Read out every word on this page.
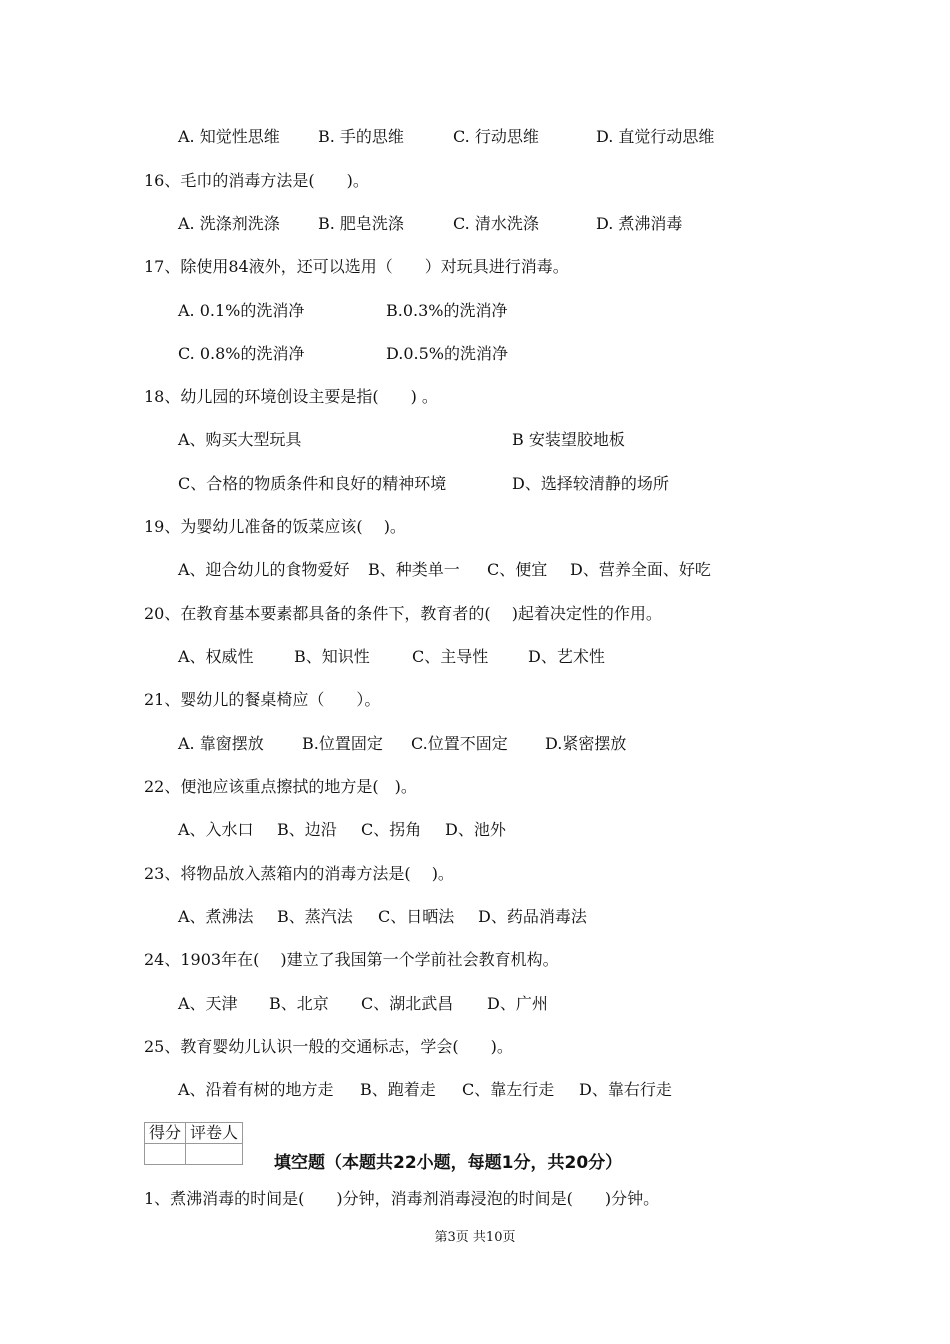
A. 知觉性思维 B. 手的思维	C. 行动思维	D. 直觉行动思维
16、毛巾的消毒方法是(　　)。
A. 洗涤剂洗涤 B. 肥皂洗涤	C. 清水洗涤	D. 煮沸消毒
17、除使用84液外，还可以选用（　　）对玩具进行消毒。
A. 0.1%的洗消净	B.0.3%的洗消净
C. 0.8%的洗消净	D.0.5%的洗消净
18、幼儿园的环境创设主要是指(　　) 。
A、购买大型玩具	B 安装望胶地板
C、合格的物质条件和良好的精神环境	D、选择较清静的场所
19、为婴幼儿准备的饭菜应该(　 )。
A、迎合幼儿的食物爱好 B、种类单一 C、便宜 D、营养全面、好吃
20、在教育基本要素都具备的条件下，教育者的(　 )起着决定性的作用。
A、权威性	B、知识性	C、主导性 D、艺术性
21、婴幼儿的餐桌椅应（　　）。
A. 靠窗摆放 B.位置固定 C.位置不固定 D.紧密摆放
22、便池应该重点擦拭的地方是(　)。
A、入水口 B、边沿 C、拐角 D、池外
23、将物品放入蒸箱内的消毒方法是(　 )。
A、煮沸法 B、蒸汽法 C、日晒法 D、药品消毒法
24、1903年在(　 )建立了我国第一个学前社会教育机构。
A、天津 B、北京 C、湖北武昌 D、广州
25、教育婴幼儿认识一般的交通标志，学会(　　)。
A、沿着有树的地方走 B、跑着走 C、靠左行走 D、靠右行走
得分	评卷人

填空题（本题共22小题，每题1分，共20分）
1、煮沸消毒的时间是(　　)分钟，消毒剂消毒浸泡的时间是(　　)分钟。
第3页 共10页
